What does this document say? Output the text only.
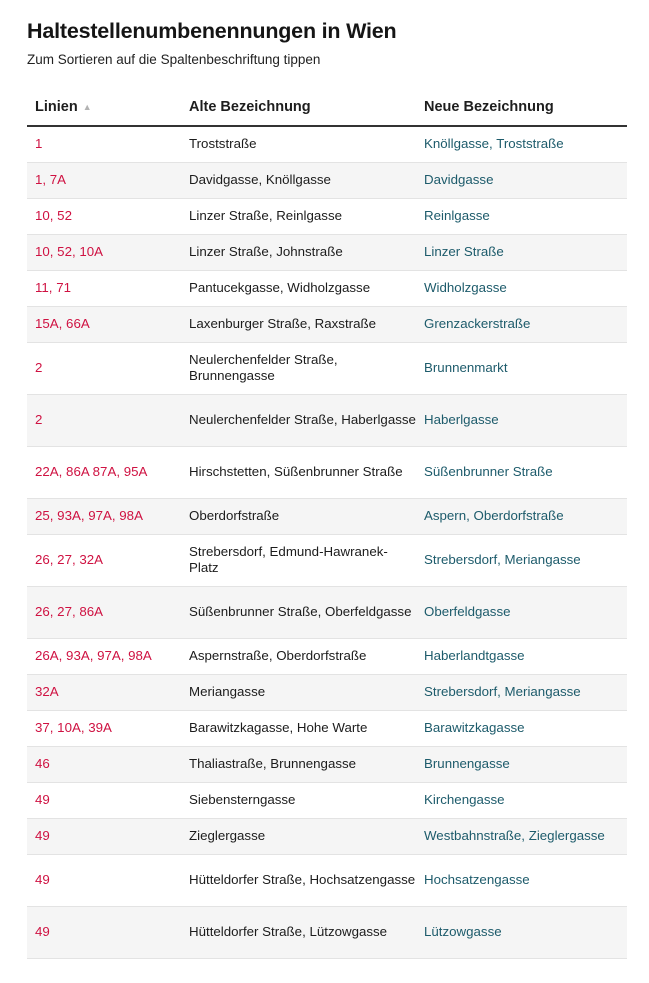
Haltestellenumbenennungen in Wien

Zum Sortieren auf die Spaltenbeschriftung tippen

Linien ▲	Alte Bezeichnung	Neue Bezeichnung
1	Troststraße	Knöllgasse, Troststraße
1, 7A	Davidgasse, Knöllgasse	Davidgasse
10, 52	Linzer Straße, Reinlgasse	Reinlgasse
10, 52, 10A	Linzer Straße, Johnstraße	Linzer Straße
11, 71	Pantucekgasse, Widholzgasse	Widholzgasse
15A, 66A	Laxenburger Straße, Raxstraße	Grenzackerstraße
2	Neulerchenfelder Straße, Brunnengasse	Brunnenmarkt
2	Neulerchenfelder Straße, Haberlgasse	Haberlgasse
22A, 86A 87A, 95A	Hirschstetten, Süßenbrunner Straße	Süßenbrunner Straße
25, 93A, 97A, 98A	Oberdorfstraße	Aspern, Oberdorfstraße
26, 27, 32A	Strebersdorf, Edmund-Hawranek-Platz	Strebersdorf, Meriangasse
26, 27, 86A	Süßenbrunner Straße, Oberfeldgasse	Oberfeldgasse
26A, 93A, 97A, 98A	Aspernstraße, Oberdorfstraße	Haberlandtgasse
32A	Meriangasse	Strebersdorf, Meriangasse
37, 10A, 39A	Barawitzkagasse, Hohe Warte	Barawitzkagasse
46	Thaliastraße, Brunnengasse	Brunnengasse
49	Siebensterngasse	Kirchengasse
49	Zieglergasse	Westbahnstraße, Zieglergasse
49	Hütteldorfer Straße, Hochsatzengasse	Hochsatzengasse
49	Hütteldorfer Straße, Lützowgasse	Lützowgasse
